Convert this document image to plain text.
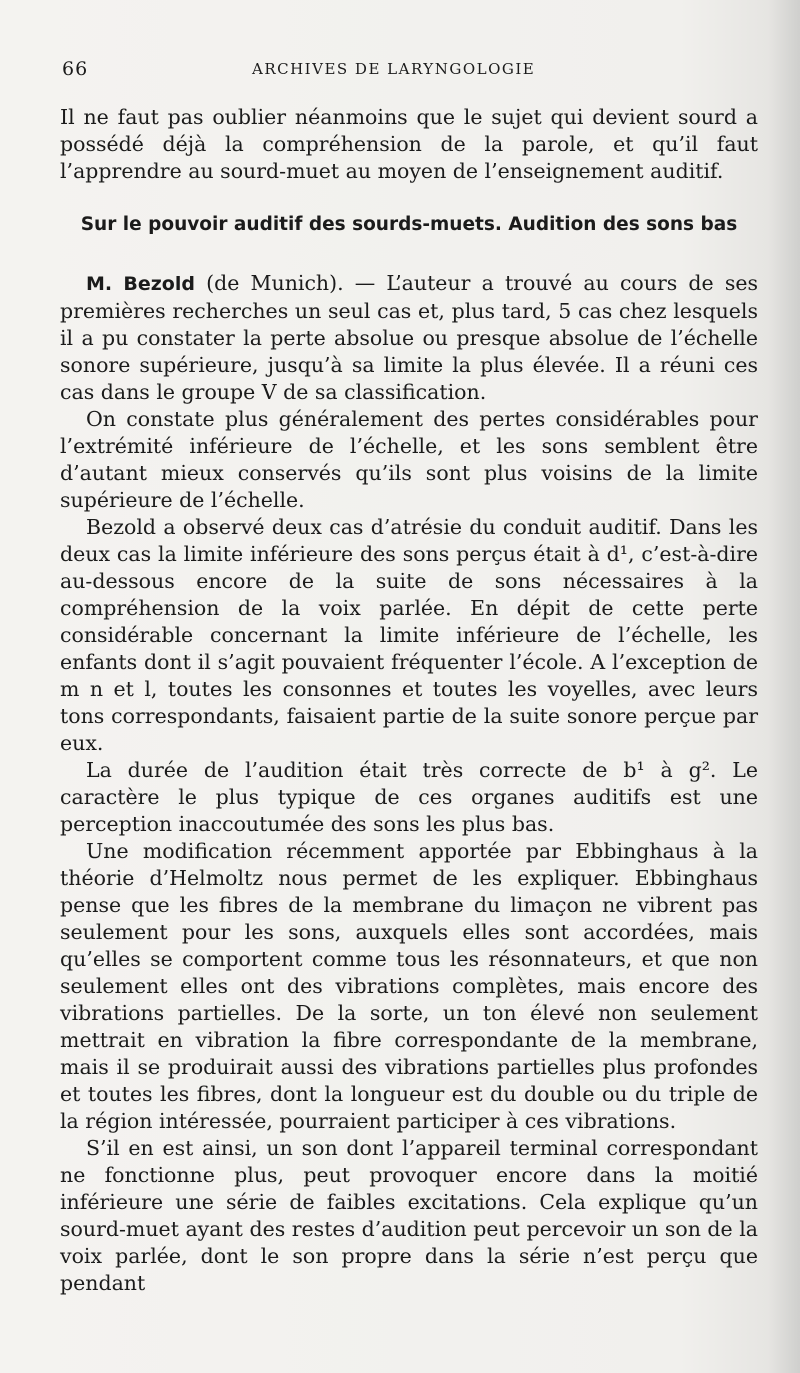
66	ARCHIVES DE LARYNGOLOGIE

Il ne faut pas oublier néanmoins que le sujet qui devient sourd a possédé déjà la compréhension de la parole, et qu’il faut l’apprendre au sourd-muet au moyen de l’enseignement auditif.

Sur le pouvoir auditif des sourds-muets. Audition des sons bas

M. Bezold (de Munich). — L’auteur a trouvé au cours de ses premières recherches un seul cas et, plus tard, 5 cas chez lesquels il a pu constater la perte absolue ou presque absolue de l’échelle sonore supérieure, jusqu’à sa limite la plus élevée. Il a réuni ces cas dans le groupe V de sa classification.

On constate plus généralement des pertes considérables pour l’extrémité inférieure de l’échelle, et les sons semblent être d’autant mieux conservés qu’ils sont plus voisins de la limite supérieure de l’échelle.

Bezold a observé deux cas d’atrésie du conduit auditif. Dans les deux cas la limite inférieure des sons perçus était à d¹, c’est-à-dire au-dessous encore de la suite de sons nécessaires à la compréhension de la voix parlée. En dépit de cette perte considérable concernant la limite inférieure de l’échelle, les enfants dont il s’agit pouvaient fréquenter l’école. A l’exception de m n et l, toutes les consonnes et toutes les voyelles, avec leurs tons correspondants, faisaient partie de la suite sonore perçue par eux.

La durée de l’audition était très correcte de b¹ à g². Le caractère le plus typique de ces organes auditifs est une perception inaccoutumée des sons les plus bas.

Une modification récemment apportée par Ebbinghaus à la théorie d’Helmoltz nous permet de les expliquer. Ebbinghaus pense que les fibres de la membrane du limaçon ne vibrent pas seulement pour les sons, auxquels elles sont accordées, mais qu’elles se comportent comme tous les résonnateurs, et que non seulement elles ont des vibrations complètes, mais encore des vibrations partielles. De la sorte, un ton élevé non seulement mettrait en vibration la fibre correspondante de la membrane, mais il se produirait aussi des vibrations partielles plus profondes et toutes les fibres, dont la longueur est du double ou du triple de la région intéressée, pourraient participer à ces vibrations.

S’il en est ainsi, un son dont l’appareil terminal correspondant ne fonctionne plus, peut provoquer encore dans la moitié inférieure une série de faibles excitations. Cela explique qu’un sourd-muet ayant des restes d’audition peut percevoir un son de la voix parlée, dont le son propre dans la série n’est perçu que pendant
